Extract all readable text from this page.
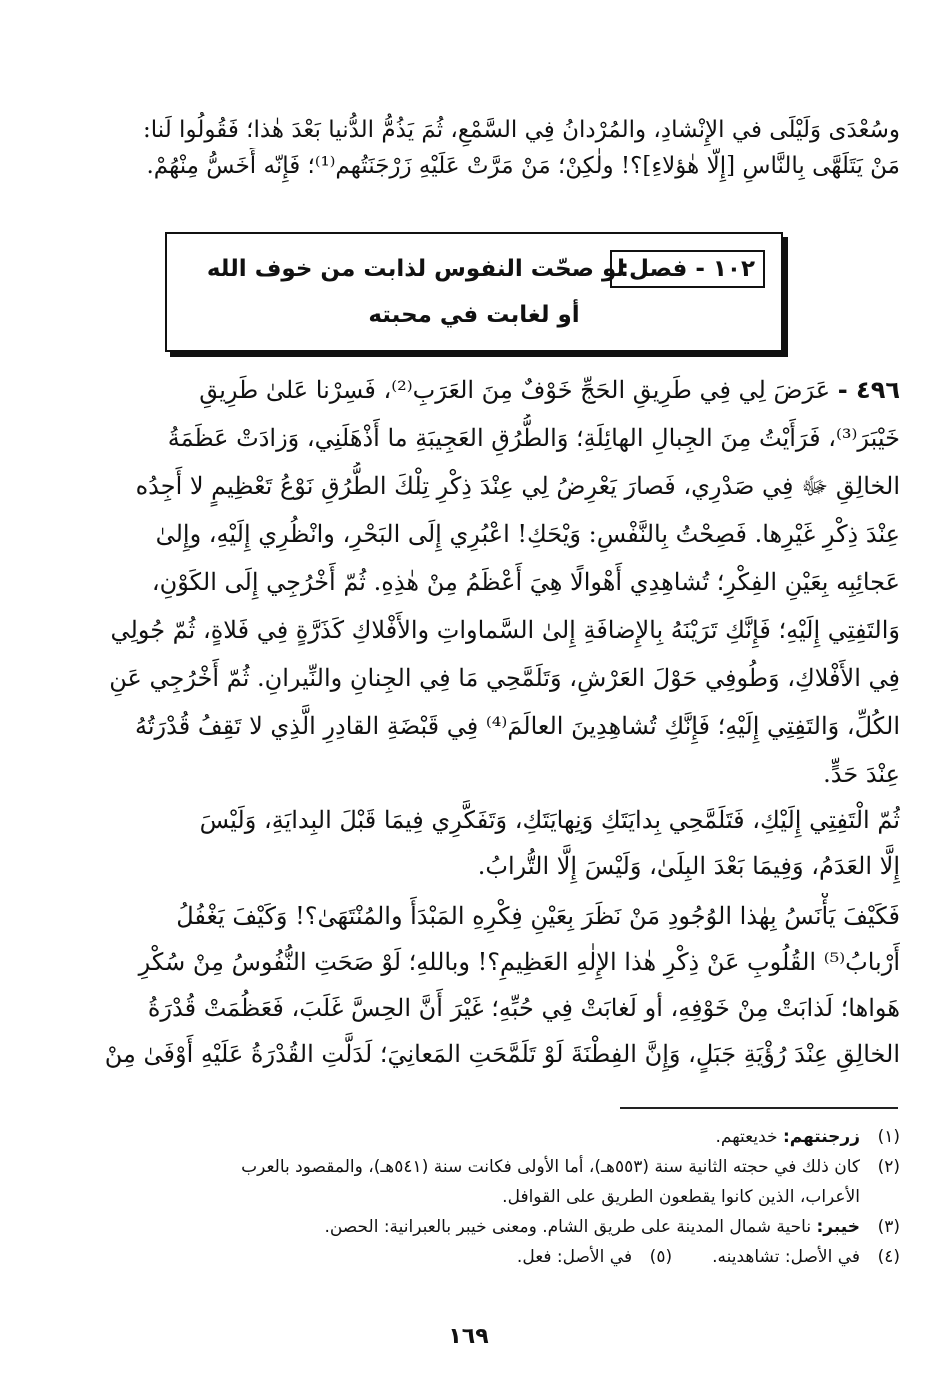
وسُعْدَى وَلَيْلَى في الإِنْشادِ، والمُرْدانُ فِي السَّمْعِ، ثُمَ يَذُمُّ الدُّنيا بَعْدَ هٰذا؛ فَقُولُوا لَنا:
مَنْ يَتَلَهَّى بِالنَّاسِ [إِلَّا هٰؤلاءِ]؟! ولٰكِنْ؛ مَنْ مَرَّتْ عَلَيْهِ زَرْجَنَتُهم⁽¹⁾؛ فَإِنّه أَخَسُّ مِنْهُمْ.
١٠٢ - فصل:
لو صحّت النفوس لذابت من خوف الله
أو لغابت في محبته
٤٩٦ - عَرَضَ لِي فِي طَرِيقِ الحَجِّ خَوْفٌ مِنَ العَرَبِ⁽²⁾، فَسِرْنا عَلىٰ طَرِيقِ
خَيْبَرَ⁽³⁾، فَرَأَيْتُ مِنَ الجِبالِ الهائِلَةِ؛ وَالطُّرُقِ العَجِيبَةِ ما أَذْهَلَنِي، وَزادَتْ عَظَمَةُ
الخالِقِ ﷻ فِي صَدْرِي، فَصارَ يَعْرِضُ لِي عِنْدَ ذِكْرِ تِلْكَ الطُّرُقِ نَوْعُ تَعْظِيمٍ لا أَجِدُه
عِنْدَ ذِكْرِ غَيْرِها. فَصِحْتُ بِالنَّفْسِ: وَيْحَكِ! اعْبُرِي إِلَى البَحْرِ، وانْظُرِي إِلَيْهِ، وإِلىٰ
عَجائِبِه بِعَيْنِ الفِكْرِ؛ تُشاهِدِي أَهْوالًا هِيَ أَعْظَمُ مِنْ هٰذِهِ. ثُمّ أَخْرُجِي إِلَى الكَوْنِ،
وَالتَفِتِي إِلَيْهِ؛ فَإِنَّكِ تَرَيْنَهُ بِالإِضافَةِ إِلىٰ السَّماواتِ والأَفْلاكِ كَذَرَّةٍ فِي فَلاةٍ، ثُمّ جُولِي
فِي الأَفْلاكِ، وَطُوفِي حَوْلَ العَرْشِ، وَتَلَمَّحِي مَا فِي الجِنانِ والنِّيرانِ. ثُمّ أَخْرُجِي عَنِ
الكُلِّ، وَالتَفِتِي إِلَيْهِ؛ فَإِنَّكِ تُشاهِدِينَ العالَمَ⁽⁴⁾ فِي قَبْضَةِ القادِرِ الَّذِي لا تَقِفُ قُدْرَتُهُ
عِنْدَ حَدٍّ.
ثُمّ الْتَفِتِي إِلَيْكِ، فَتَلَمَّحِي بِدايَتَكِ وَنِهايَتَكِ، وَتَفَكَّرِي فِيمَا قَبْلَ البِدايَةِ، وَلَيْسَ
إِلَّا العَدَمُ، وَفِيمَا بَعْدَ البِلَىٰ، وَلَيْسَ إِلَّا التُّرابُ.
فَكَيْفَ يَأْنَسُ بِهٰذا الوُجُودِ مَنْ نَظَرَ بِعَيْنِ فِكْرِهِ المَبْدَأَ والمُنْتَهَىٰ؟! وَكَيْفَ يَغْفُلُ
أَرْبابُ⁽⁵⁾ القُلُوبِ عَنْ ذِكْرِ هٰذا الإِلٰهِ العَظِيمِ؟! وباللهِ؛ لَوْ صَحَتِ النُّفُوسُ مِنْ سُكْرِ
هَواها؛ لَذابَتْ مِنْ خَوْفِهِ، أو لَغابَتْ فِي حُبِّهِ؛ غَيْرَ أَنَّ الحِسَّ غَلَبَ، فَعَظُمَتْ قُدْرَةُ
الخالِقِ عِنْدَ رُؤْيَةِ جَبَلٍ، وَإِنَّ الفِطْنَةَ لَوْ تَلَمَّحَتِ المَعانِيَ؛ لَدَلَّتِ القُدْرَةُ عَلَيْهِ أَوْفَىٰ مِنْ
(١)زرجنتهم: خديعتهم.
(٢)كان ذلك في حجته الثانية سنة (٥٥٣هـ)، أما الأولى فكانت سنة (٥٤١هـ)، والمقصود بالعرب
الأعراب، الذين كانوا يقطعون الطريق على القوافل.
(٣)خيبر: ناحية شمال المدينة على طريق الشام. ومعنى خيبر بالعبرانية: الحصن.
(٤)في الأصل: تشاهدينه.(٥)في الأصل: فعل.
١٦٩
